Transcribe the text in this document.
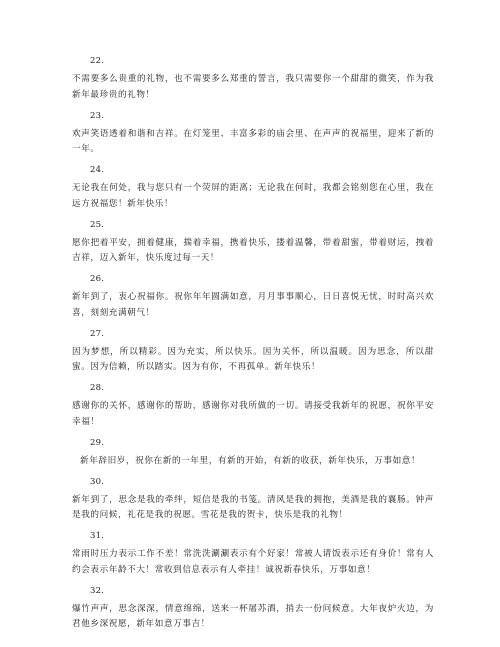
22.
不需要多么贵重的礼物，也不需要多么郑重的誓言，我只需要你一个甜甜的微笑，作为我新年最珍贵的礼物！
23.
欢声笑语透着和谐和吉祥。在灯笼里、丰富多彩的庙会里、在声声的祝福里，迎来了新的一年。
24.
无论我在何处，我与您只有一个荧屏的距离；无论我在何时，我都会铭刻您在心里，我在远方祝福您！新年快乐！
25.
愿你把着平安，拥着健康，揣着幸福，携着快乐，搂着温馨，带着甜蜜，带着财运，拽着吉祥，迈入新年，快乐度过每一天！
26.
新年到了，衷心祝福你。祝你年年圆满如意，月月事事顺心，日日喜悦无忧，时时高兴欢喜，刻刻充满朝气！
27.
因为梦想，所以精彩。因为充实，所以快乐。因为关怀，所以温暖。因为思念，所以甜蜜。因为信赖，所以踏实。因为有你，不再孤单。新年快乐！
28.
感谢你的关怀，感谢你的帮助，感谢你对我所做的一切。请接受我新年的祝愿，祝你平安幸福！
29.
新年辞旧岁，祝你在新的一年里，有新的开始，有新的收获，新年快乐，万事如意！
30.
新年到了，思念是我的牵绊，短信是我的书笺。清风是我的拥抱，美酒是我的襄肠。钟声是我的问候，礼花是我的祝愿。雪花是我的贺卡，快乐是我的礼物！
31.
常雨时压力表示工作不差！常洗洗涮涮表示有个好家！常被人请饭表示还有身价！常有人约会表示年龄不大！常收到信息表示有人牵挂！诚祝新春快乐，万事如意！
32.
爆竹声声，思念深深，情意绵绵，送来一杯屠苏酒，捎去一份问候意。大年夜炉火边，为君他乡深祝愿，新年如意万事吉！
